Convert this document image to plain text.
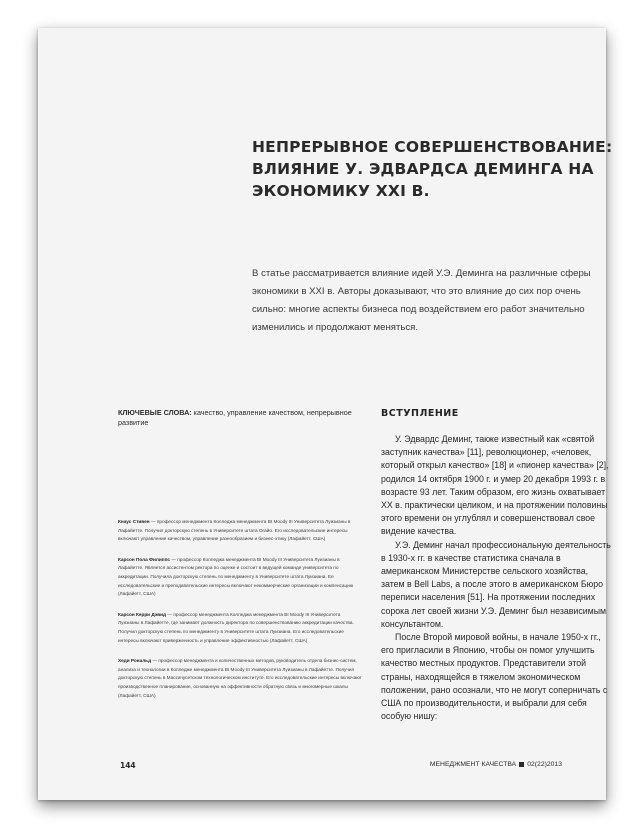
НЕПРЕРЫВНОЕ СОВЕРШЕНСТВОВАНИЕ:
ВЛИЯНИЕ У. ЭДВАРДСА ДЕМИНГА НА
ЭКОНОМИКУ XXI В.

В статье рассматривается влияние идей У.Э. Деминга на различные сферы экономики в XXI в. Авторы доказывают, что это влияние до сих пор очень сильно: многие аспекты бизнеса под воздействием его работ значительно изменились и продолжают меняться.

КЛЮЧЕВЫЕ СЛОВА: качество, управление качеством, непрерывное развитие

Кнаус Стивен — профессор менеджмента Колледжа менеджмента BI Moody III Университета Луизианы в Лафайетте. Получил докторскую степень в Университете штата Огайо. Его исследовательские интересы включают управление качеством, управление разнообразием и бизнес-этику (Лафайетт, США)

Карсон Пола Филиппс — профессор Колледжа менеджмента BI Moody III Университета Луизианы в Лафайетте. Является ассистентом ректора по оценке и состоит в ведущей команде университета по аккредитации. Получила докторскую степень по менеджменту в Университете штата Луизиана. Ее исследовательские и преподавательские интересы включают некоммерческие организации и компенсацию (Лафайетт, США)

Карсон Керри Дэвид — профессор менеджмента Колледжа менеджмента BI Moody III Университета Луизианы в Лафайетте, где занимает должность директора по совершенствованию аккредитации качества. Получил докторскую степень по менеджменту в Университете штата Луизиана. Его исследовательские интересы включают приверженность и управление эффективностью (Лафайетт, США)

Хеди Рональд — профессор менеджмента и количественных методов, руководитель отдела бизнес-систем, анализа и технологии в Колледже менеджмента BI Moody III Университета Луизианы в Лафайетте. Получил докторскую степень в Массачусетском технологическом институте. Его исследовательские интересы включают производственное планирование, основанную на эффективности обратную связь и многомерные шкалы (Лафайетт, США)

ВСТУПЛЕНИЕ

У. Эдвардс Деминг, также известный как «святой заступник качества» [11], революционер, «человек, который открыл качество» [18] и «пионер качества» [2], родился 14 октября 1900 г. и умер 20 декабря 1993 г. в возрасте 93 лет. Таким образом, его жизнь охватывает XX в. практически целиком, и на протяжении половины этого времени он углублял и совершенствовал свое видение качества.

У.Э. Деминг начал профессиональную деятельность в 1930-х гг. в качестве статистика сначала в американском Министерстве сельского хозяйства, затем в Bell Labs, а после этого в американском Бюро переписи населения [51]. На протяжении последних сорока лет своей жизни У.Э. Деминг был независимым консультантом.

После Второй мировой войны, в начале 1950-х гг., его пригласили в Японию, чтобы он помог улучшить качество местных продуктов. Представители этой страны, находящейся в тяжелом экономическом положении, рано осознали, что не могут соперничать с США по производительности, и выбрали для себя особую нишу:

144	МЕНЕДЖМЕНТ КАЧЕСТВА 02(22)2013
